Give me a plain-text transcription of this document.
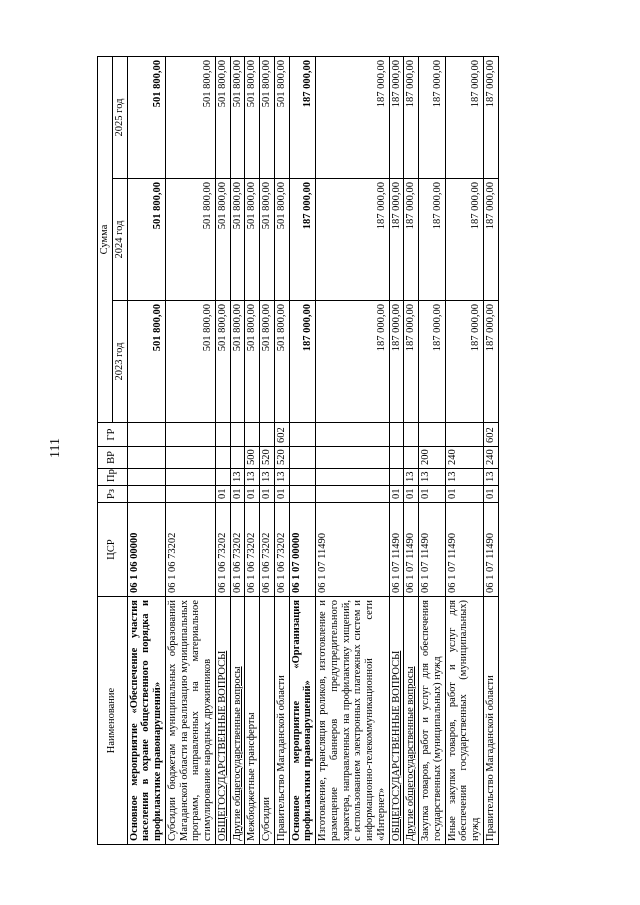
111
Наименование	ЦСР	Рз	Пр	ВР	ГР	Сумма		
						2023 год	2024 год	2025 год
Основное мероприятие «Обеспечение участия населения в охране общественного порядка и профилактике правонарушений»	06 1 06 00000					501 800,00	501 800,00	501 800,00
Субсидии бюджетам муниципальных образований Магаданской области на реализацию муниципальных программ, направленных на материальное стимулирование народных дружинников	06 1 06 73202					501 800,00	501 800,00	501 800,00
ОБЩЕГОСУДАРСТВЕННЫЕ ВОПРОСЫ	06 1 06 73202	01				501 800,00	501 800,00	501 800,00
Другие общегосударственные вопросы	06 1 06 73202	01	13			501 800,00	501 800,00	501 800,00
Межбюджетные трансферты	06 1 06 73202	01	13	500		501 800,00	501 800,00	501 800,00
Субсидии	06 1 06 73202	01	13	520		501 800,00	501 800,00	501 800,00
Правительство Магаданской области	06 1 06 73202	01	13	520	602	501 800,00	501 800,00	501 800,00
Основное мероприятие «Организация профилактики правонарушений»	06 1 07 00000					187 000,00	187 000,00	187 000,00
Изготовление, трансляция роликов, изготовление и размещение баннеров предупредительного характера, направленных на профилактику хищений, с использованием электронных платежных систем и информационно-телекоммуникационной сети «Интернет»	06 1 07 11490					187 000,00	187 000,00	187 000,00
ОБЩЕГОСУДАРСТВЕННЫЕ ВОПРОСЫ	06 1 07 11490	01				187 000,00	187 000,00	187 000,00
Другие общегосударственные вопросы	06 1 07 11490	01	13			187 000,00	187 000,00	187 000,00
Закупка товаров, работ и услуг для обеспечения государственных (муниципальных) нужд	06 1 07 11490	01	13	200		187 000,00	187 000,00	187 000,00
Иные закупки товаров, работ и услуг для обеспечения государственных (муниципальных) нужд	06 1 07 11490	01	13	240		187 000,00	187 000,00	187 000,00
Правительство Магаданской области	06 1 07 11490	01	13	240	602	187 000,00	187 000,00	187 000,00
